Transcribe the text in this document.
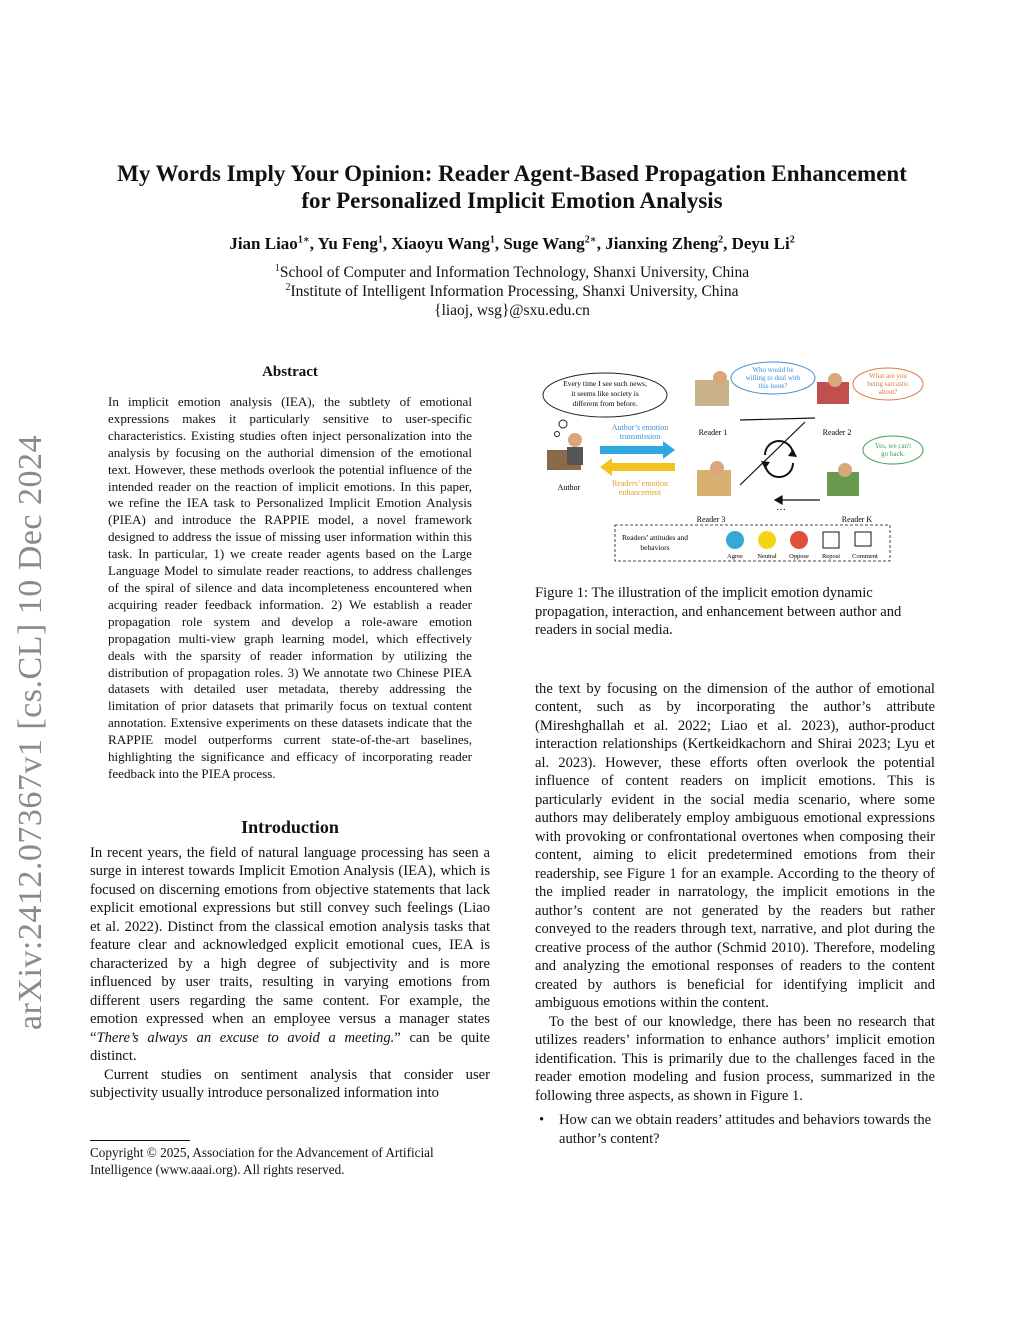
arXiv:2412.07367v1 [cs.CL] 10 Dec 2024
My Words Imply Your Opinion: Reader Agent-Based Propagation Enhancement
for Personalized Implicit Emotion Analysis
Jian Liao$^{1∗}$, Yu Feng$^1$, Xiaoyu Wang$^1$, Suge Wang$^{2∗}$, Jianxing Zheng$^2$, Deyu Li$^2$
$^1$School of Computer and Information Technology, Shanxi University, China
$^2$Institute of Intelligent Information Processing, Shanxi University, China
{liaoj, wsg}@sxu.edu.cn
Abstract
In implicit emotion analysis (IEA), the subtlety of emotional expressions makes it particularly sensitive to user-specific characteristics. Existing studies often inject personalization into the analysis by focusing on the authorial dimension of the emotional text. However, these methods overlook the potential influence of the intended reader on the reaction of implicit emotions. In this paper, we refine the IEA task to Personalized Implicit Emotion Analysis (PIEA) and introduce the RAPPIE model, a novel framework designed to address the issue of missing user information within this task. In particular, 1) we create reader agents based on the Large Language Model to simulate reader reactions, to address challenges of the spiral of silence and data incompleteness encountered when acquiring reader feedback information. 2) We establish a reader propagation role system and develop a role-aware emotion propagation multi-view graph learning model, which effectively deals with the sparsity of reader information by utilizing the distribution of propagation roles. 3) We annotate two Chinese PIEA datasets with detailed user metadata, thereby addressing the limitation of prior datasets that primarily focus on textual content annotation. Extensive experiments on these datasets indicate that the RAPPIE model outperforms current state-of-the-art baselines, highlighting the significance and efficacy of incorporating reader feedback into the PIEA process.
Introduction

In recent years, the field of natural language processing has seen a surge in interest towards Implicit Emotion Analysis (IEA), which is focused on discerning emotions from objective statements that lack explicit emotional expressions but still convey such feelings (Liao et al. 2022). Distinct from the classical emotion analysis tasks that feature clear and acknowledged explicit emotional cues, IEA is characterized by a high degree of subjectivity and is more influenced by user traits, resulting in varying emotions from different users regarding the same content. For example, the emotion expressed when an employee versus a manager states “There’s always an excuse to avoid a meeting.” can be quite distinct.

Current studies on sentiment analysis that consider user subjectivity usually introduce personalized information into

Copyright © 2025, Association for the Advancement of Artificial Intelligence (www.aaai.org). All rights reserved.
Every time I see such news,
it seems like society is
different from before.
Who would be
willing to deal with
this issue?
What are you
being sarcastic
about?
Yes, we can't
go back.
Author
Author’s emotion
transmission
Readers’ emotion
enhancement
Reader 1	Reader 2
Reader 3	Reader K
…
Readers’ attitudes and
behaviors
Agree Neutral Oppose Repost Comment
Figure 1: The illustration of the implicit emotion dynamic propagation, interaction, and enhancement between author and readers in social media.

the text by focusing on the dimension of the author of emotional content, such as by incorporating the author’s attribute (Mireshghallah et al. 2022; Liao et al. 2023), author-product interaction relationships (Kertkeidkachorn and Shirai 2023; Lyu et al. 2023). However, these efforts often overlook the potential influence of content readers on implicit emotions. This is particularly evident in the social media scenario, where some authors may deliberately employ ambiguous emotional expressions with provoking or confrontational overtones when composing their content, aiming to elicit predetermined emotions from their readership, see Figure 1 for an example. According to the theory of the implied reader in narratology, the implicit emotions in the author’s content are not generated by the readers but rather conveyed to the readers through text, narrative, and plot during the creative process of the author (Schmid 2010). Therefore, modeling and analyzing the emotional responses of readers to the content created by authors is beneficial for identifying implicit and ambiguous emotions within the content.

To the best of our knowledge, there has been no research that utilizes readers’ information to enhance authors’ implicit emotion identification. This is primarily due to the challenges faced in the reader emotion modeling and fusion process, summarized in the following three aspects, as shown in Figure 1.

•	How can we obtain readers’ attitudes and behaviors towards the author’s content?
